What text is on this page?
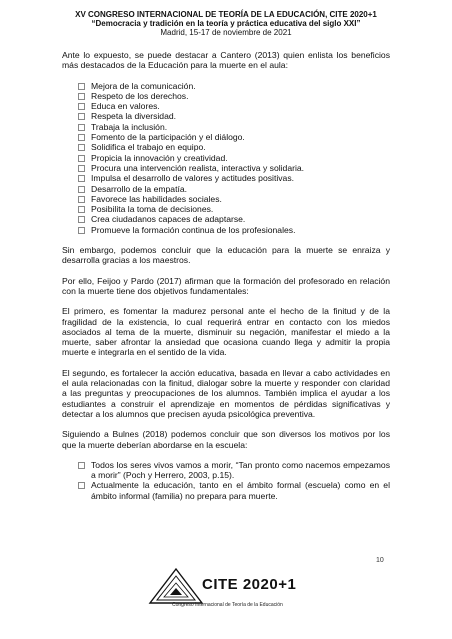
XV CONGRESO INTERNACIONAL DE TEORÍA DE LA EDUCACIÓN, CITE 2020+1
“Democracia y tradición en la teoría y práctica educativa del siglo XXI”
Madrid, 15-17 de noviembre de 2021

Ante lo expuesto, se puede destacar a Cantero (2013) quien enlista los beneficios más destacados de la Educación para la muerte en el aula:

Mejora de la comunicación.
Respeto de los derechos.
Educa en valores.
Respeta la diversidad.
Trabaja la inclusión.
Fomento de la participación y el diálogo.
Solidifica el trabajo en equipo.
Propicia la innovación y creatividad.
Procura una intervención realista, interactiva y solidaria.
Impulsa el desarrollo de valores y actitudes positivas.
Desarrollo de la empatía.
Favorece las habilidades sociales.
Posibilita la toma de decisiones.
Crea ciudadanos capaces de adaptarse.
Promueve la formación continua de los profesionales.

Sin embargo, podemos concluir que la educación para la muerte se enraiza y desarrolla gracias a los maestros.

Por ello, Feijoo y Pardo (2017) afirman que la formación del profesorado en relación con la muerte tiene dos objetivos fundamentales:

El primero, es fomentar la madurez personal ante el hecho de la finitud y de la fragilidad de la existencia, lo cual requerirá entrar en contacto con los miedos asociados al tema de la muerte, disminuir su negación, manifestar el miedo a la muerte, saber afrontar la ansiedad que ocasiona cuando llega y admitir la propia muerte e integrarla en el sentido de la vida.

El segundo, es fortalecer la acción educativa, basada en llevar a cabo actividades en el aula relacionadas con la finitud, dialogar sobre la muerte y responder con claridad a las preguntas y preocupaciones de los alumnos. También implica el ayudar a los estudiantes a construir el aprendizaje en momentos de pérdidas significativas y detectar a los alumnos que precisen ayuda psicológica preventiva.

Siguiendo a Bulnes (2018) podemos concluir que son diversos los motivos por los que la muerte deberían abordarse en la escuela:

Todos los seres vivos vamos a morir, “Tan pronto como nacemos empezamos a morir” (Poch y Herrero, 2003, p.15).
Actualmente la educación, tanto en el ámbito formal (escuela) como en el ámbito informal (familia) no prepara para muerte.
10
CITE 2020+1
Congreso Internacional de Teoría de la Educación
